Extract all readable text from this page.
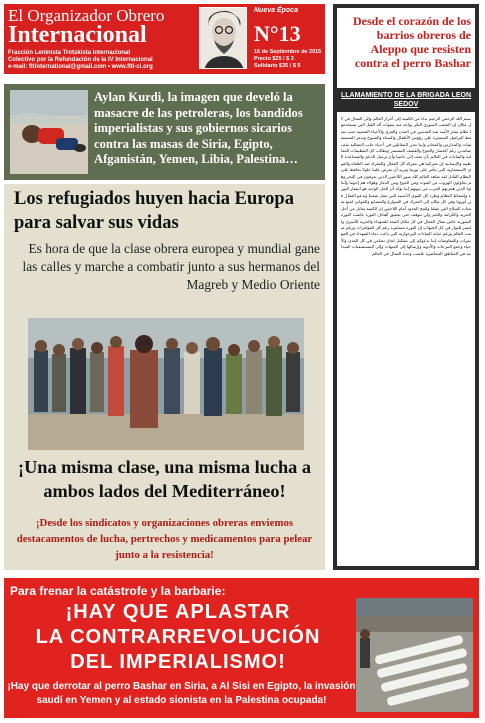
El Organizador Obrero
Internacional
Fracción Leninista Trotskista Internacional
Colectivo por la Refundación de la IV Internacional
e-mail: fltinternational@gmail.com • www.flti-ci.org
Nueva Época
N°13
16 de Septiembre de 2015
Precio $25 / $ 3
Solidario $35 / $ 5
Aylan Kurdi, la imagen que develó la masacre de las petroleras, los bandidos imperialistas y sus gobiernos sicarios contra las masas de Siria, Egipto, Afganistán, Yemen, Libia, Palestina…
Los refugiados huyen hacia Europa para salvar sus vidas
Es hora de que la clase obrera europea y mundial gane las calles y marche a combatir junto a sus hermanos del Magreb y Medio Oriente
¡Una misma clase, una misma lucha a ambos lados del Mediterráneo!
¡Desde los sindicatos y organizaciones obreras enviemos destacamentos de lucha, pertrechos y medicamentos para pelear junto a la resistencia!
Desde el corazón de los barrios obreros de Aleppo que resisten contra el perro Bashar
LLAMAMIENTO DE LA BRIGADA LEON SEDOV
بسم الله الرحمن الرحيم نداء من الكتيبة إلى أحرار العالم وإلى العمال في كل مكان إن الشعب السوري الثائر يواجه منذ سنوات آلة القتل التي يستخدمها نظام بشار الأسد ضد المدنيين في المدن والقرى والأحياء الشعبية حيث تسقط البراميل المتفجرة على رؤوس الأطفال والنساء والشيوخ وتدمر المستشفيات والمدارس والمخابز وإننا نحن المقاتلين في أحياء حلب العمالية نقف صامدين رغم الحصار والجوع والقصف المستمر ونطالب كل التنظيمات العمالية والنقابات في العالم بأن تقف إلى جانبنا وأن ترسل الدعم والمساعدة الطبية والإنسانية إن معركتنا هي معركة كل العمال والفقراء ضد الطغاة والقوى الاستعمارية التي تتآمر على ثورتنا وتريد أن تفرض علينا حلولا تحافظ على النظام القاتل لقد شاهد العالم كله صور اللاجئين الذين يغرقون في البحر وهم يحاولون الهروب من الموت ومن الجوع ومن الدمار وهؤلاء هم إخوتنا وأبناؤنا الذين هجرتهم الحرب من بيوتهم إننا نؤكد أن الحل الوحيد هو انتصار الثورة وإسقاط النظام وطرد كل القوى الأجنبية التي تقتل شعبنا وندعو العمال في أوروبا وفي كل مكان إلى التحرك في الشوارع والمصانع والموانئ لمنع شحنات السلاح التي تقتلنا ولفتح الحدود أمام اللاجئين إن الكتيبة تقاتل من أجل الحرية والكرامة والخبز ولن تتوقف حتى تحقيق أهداف الثورة عاشت الثورة السورية عاش نضال العمال في كل مكان المجد للشهداء والحرية للأسرى والنصر للثوار في كل الجبهات إن الثورة مستمرة رغم كل المؤامرات ورغم صمت العالم ورغم خيانة القيادات البرجوازية التي باعت دماء الشهداء في المؤتمرات والمفاوضات إننا ندعوكم إلى تشكيل لجان تضامن في كل المدن والأحياء وجمع التبرعات والأدوية وإرسالها إلى الجبهات وإلى المستشفيات الميدانية في المناطق المحاصرة عاشت وحدة العمال في العالم
Para frenar la catástrofe y la barbarie:
¡HAY QUE APLASTAR
LA CONTRARREVOLUCIÓN
DEL IMPERIALISMO!
¡Hay que derrotar al perro Bashar en Siria, a Al Sisi en Egipto, la invasión saudí en Yemen y al estado sionista en la Palestina ocupada!
